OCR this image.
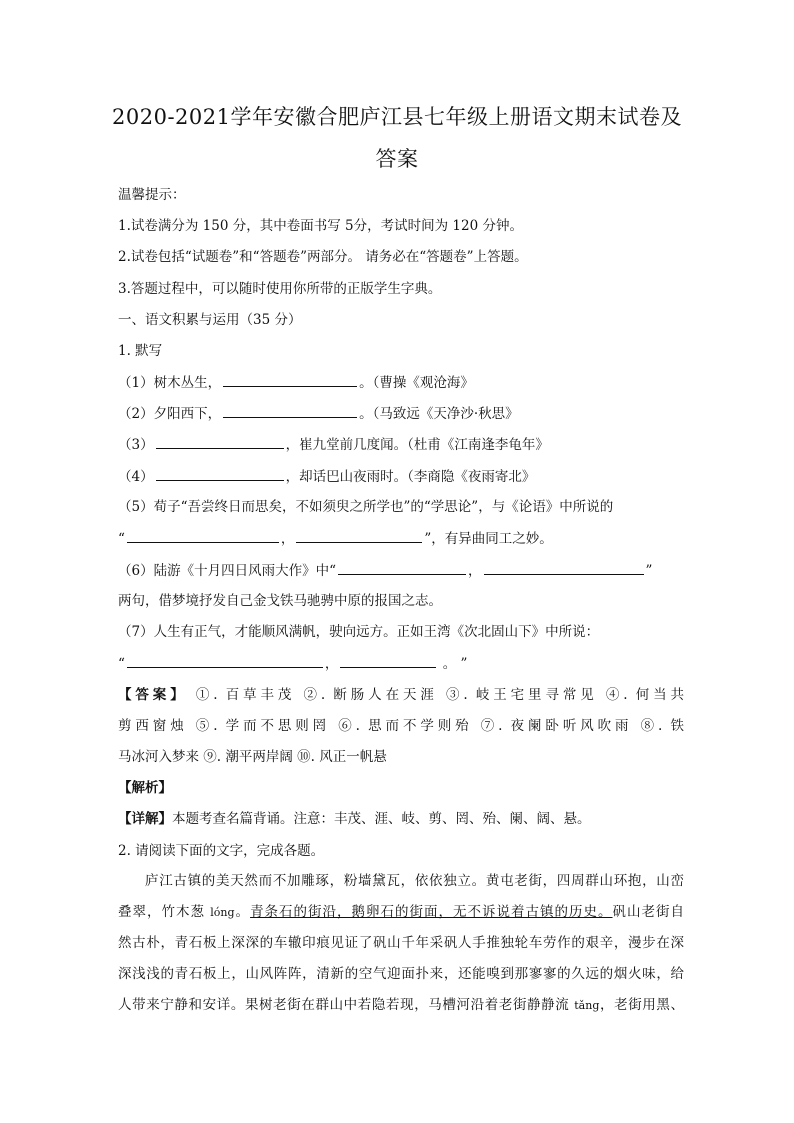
2020-2021学年安徽合肥庐江县七年级上册语文期末试卷及
答案
温馨提示：
1.试卷满分为 150 分，其中卷面书写 5分，考试时间为 120 分钟。
2.试卷包括“试题卷”和“答题卷”两部分。 请务必在“答题卷”上答题。
3.答题过程中，可以随时使用你所带的正版学生字典。
一、语文积累与运用（35 分）
1. 默写
（1）树木丛生，	。（曹操《观沧海》
（2）夕阳西下，	。（马致远《天净沙·秋思》
（3）	，崔九堂前几度闻。（杜甫《江南逢李龟年》
（4）	，却话巴山夜雨时。（李商隐《夜雨寄北》
（5）荀子“吾尝终日而思矣，不如须臾之所学也”的“学思论”，与《论语》中所说的
“	，	”，有异曲同工之妙。
（6）陆游《十月四日风雨大作》中“	，	”
两句，借梦境抒发自己金戈铁马驰骋中原的报国之志。
（7）人生有正气，才能顺风满帆，驶向远方。正如王湾《次北固山下》中所说：
“	，	。 ”
【答案】 ①. 百草丰茂 ②. 断肠人在天涯 ③. 岐王宅里寻常见 ④. 何当共
剪西窗烛 ⑤. 学而不思则罔 ⑥. 思而不学则殆 ⑦. 夜阑卧听风吹雨 ⑧. 铁
马冰河入梦来 ⑨. 潮平两岸阔 ⑩. 风正一帆悬
【解析】
【详解】本题考查名篇背诵。注意：丰茂、涯、岐、剪、罔、殆、阑、阔、悬。
2. 请阅读下面的文字，完成各题。
庐江古镇的美天然而不加雕琢，粉墙黛瓦，依依独立。黄屯老街，四周群山环抱，山峦
叠翠，竹木葱 lóng。青条石的街沿，鹅卵石的街面，无不诉说着古镇的历史。矾山老街自
然古朴，青石板上深深的车辙印痕见证了矾山千年采矾人手推独轮车劳作的艰辛，漫步在深
深浅浅的青石板上，山风阵阵，清新的空气迎面扑来，还能嗅到那寥寥的久远的烟火味，给
人带来宁静和安详。果树老街在群山中若隐若现，马槽河沿着老街静静流 tǎng，老街用黑、
